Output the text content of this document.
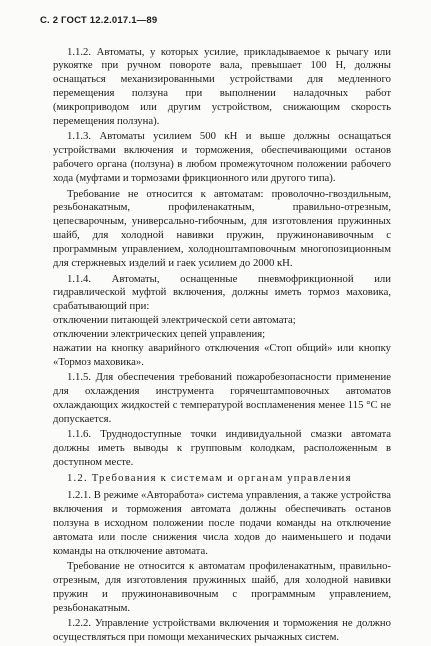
С. 2 ГОСТ 12.2.017.1—89

1.1.2. Автоматы, у которых усилие, прикладываемое к рычагу или рукоятке при ручном повороте вала, превышает 100 Н, должны оснащаться механизированными устройствами для медленного перемещения ползуна при выполнении наладочных работ (микроприводом или другим устройством, снижающим скорость перемещения ползуна).

1.1.3. Автоматы усилием 500 кН и выше должны оснащаться устройствами включения и торможения, обеспечивающими останов рабочего органа (ползуна) в любом промежуточном положении рабочего хода (муфтами и тормозами фрикционного или другого типа).

Требование не относится к автоматам: проволочно-гвоздильным, резьбонакатным, профиленакатным, правильно-отрезным, цепесварочным, универсально-гибочным, для изготовления пружинных шайб, для холодной навивки пружин, пружинонавивочным с программным управлением, холодноштамповочным многопозиционным для стержневых изделий и гаек усилием до 2000 кН.

1.1.4. Автоматы, оснащенные пневмофрикционной или гидравлической муфтой включения, должны иметь тормоз маховика, срабатывающий при:

отключении питающей электрической сети автомата;

отключении электрических цепей управления;

нажатии на кнопку аварийного отключения «Стоп общий» или кнопку «Тормоз маховика».

1.1.5. Для обеспечения требований пожаробезопасности применение для охлаждения инструмента горячештамповочных автоматов охлаждающих жидкостей с температурой воспламенения менее 115 °С не допускается.

1.1.6. Труднодоступные точки индивидуальной смазки автомата должны иметь выводы к групповым колодкам, расположенным в доступном месте.

1.2. Требования к системам и органам управления

1.2.1. В режиме «Авторабота» система управления, а также устройства включения и торможения автомата должны обеспечивать останов ползуна в исходном положении после подачи команды на отключение автомата или после снижения числа ходов до наименьшего и подачи команды на отключение автомата.

Требование не относится к автоматам профиленакатным, правильно-отрезным, для изготовления пружинных шайб, для холодной навивки пружин и пружинонавивочным с программным управлением, резьбонакатным.

1.2.2. Управление устройствами включения и торможения не должно осуществляться при помощи механических рычажных систем.
